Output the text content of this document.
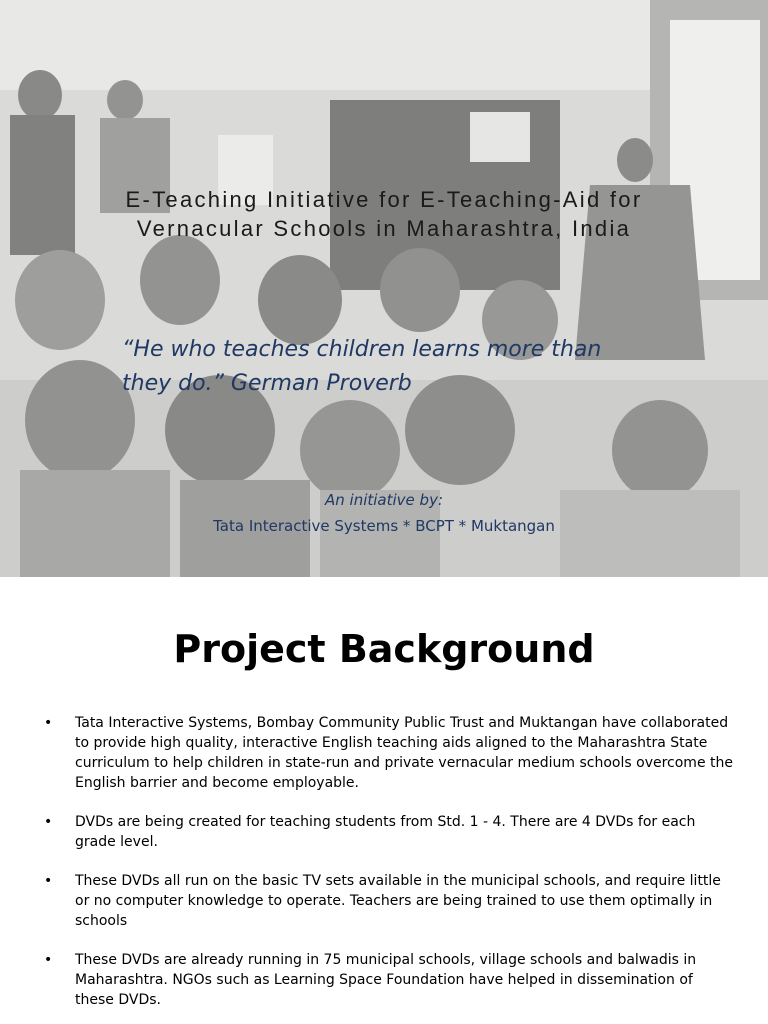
E-Teaching Initiative for E-Teaching-Aid for
Vernacular Schools in Maharashtra, India
“He who teaches children learns more than
they do.” German Proverb
An initiative by:
Tata Interactive Systems * BCPT * Muktangan
Project Background
• Tata Interactive Systems, Bombay Community Public Trust and Muktangan have collaborated to provide high quality, interactive English teaching aids aligned to the Maharashtra State curriculum to help children in state-run and private vernacular medium schools overcome the English barrier and become employable.
• DVDs are being created for teaching students from Std. 1 - 4. There are 4 DVDs for each grade level.
• These DVDs all run on the basic TV sets available in the municipal schools, and require little or no computer knowledge to operate. Teachers are being trained to use them optimally in schools
• These DVDs are already running in 75 municipal schools, village schools and balwadis in Maharashtra. NGOs such as Learning Space Foundation have helped in dissemination of these DVDs.
